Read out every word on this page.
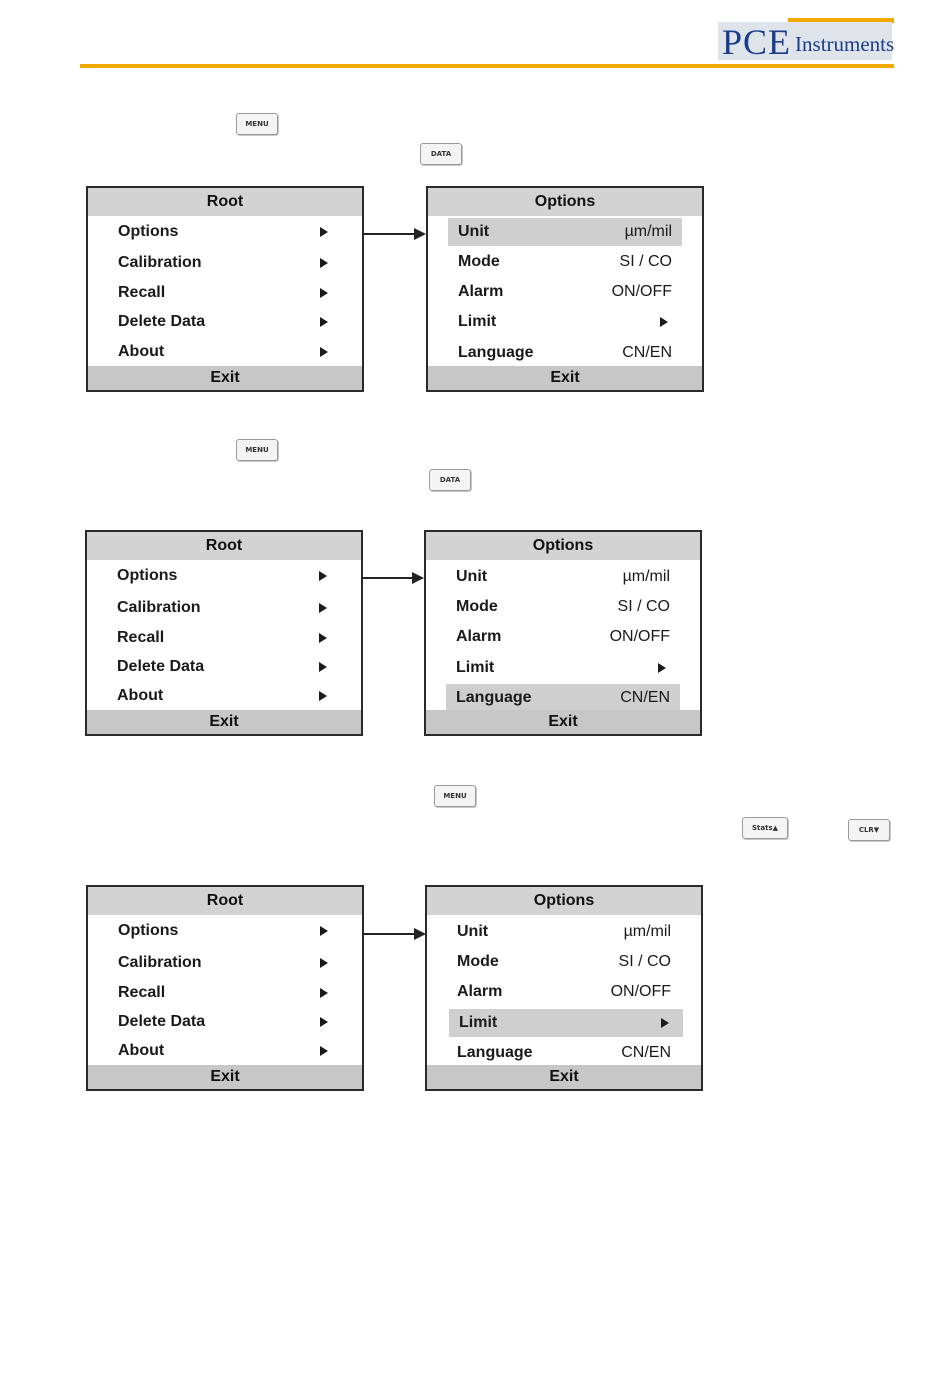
PCE Instruments
MENU
DATA
MENU
DATA
MENU
Stats▲	CLR▼
Root
Options
Calibration
Recall
Delete Data
About
Exit
Options
Unit	µm/mil
Mode	SI / CO
Alarm	ON/OFF
Limit
Language	CN/EN
Exit
Root
Options
Calibration
Recall
Delete Data
About
Exit
Options
Unit	µm/mil
Mode	SI / CO
Alarm	ON/OFF
Limit
Language	CN/EN
Exit
Root
Options
Calibration
Recall
Delete Data
About
Exit
Options
Unit	µm/mil
Mode	SI / CO
Alarm	ON/OFF
Limit
Language	CN/EN
Exit
